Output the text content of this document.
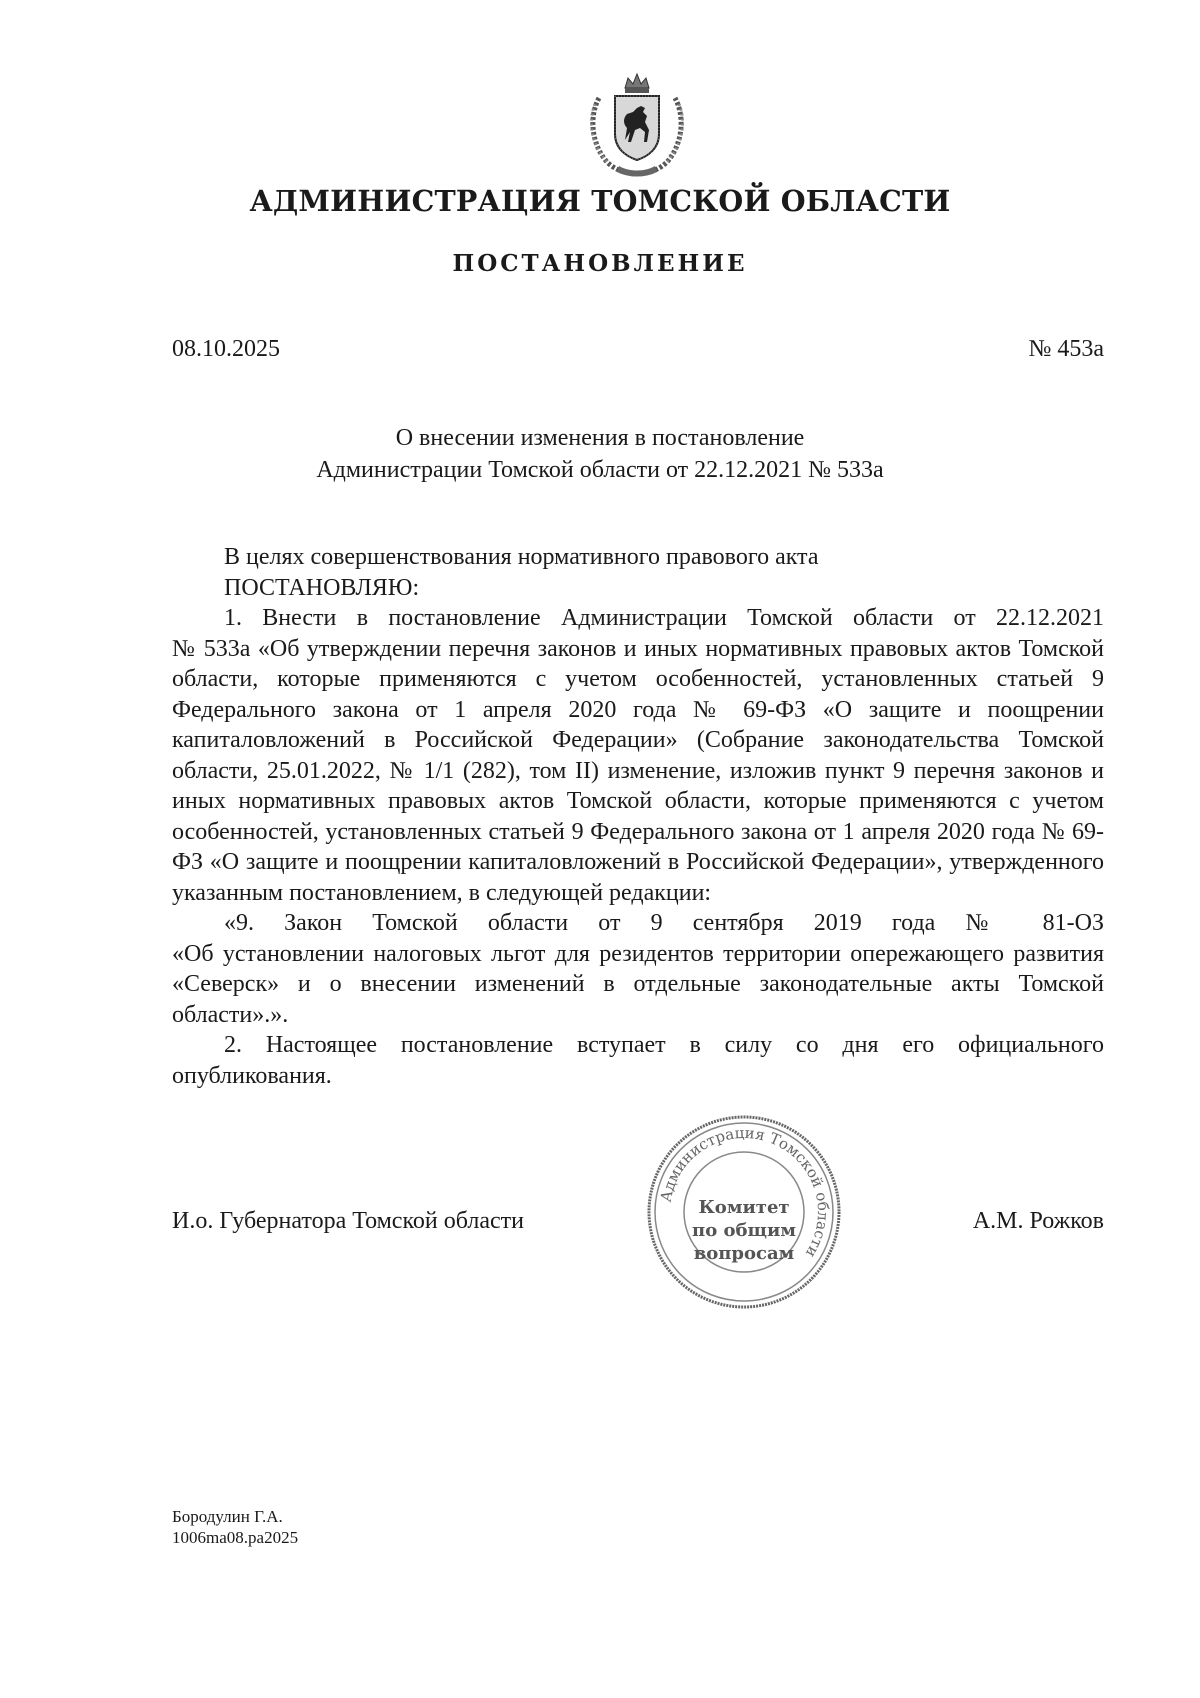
АДМИНИСТРАЦИЯ ТОМСКОЙ ОБЛАСТИ
ПОСТАНОВЛЕНИЕ
08.10.2025	№ 453а
О внесении изменения в постановление
Администрации Томской области от 22.12.2021 № 533а

В целях совершенствования нормативного правового акта

ПОСТАНОВЛЯЮ:

1. Внести в постановление Администрации Томской области от 22.12.2021

№ 533а «Об утверждении перечня законов и иных нормативных правовых актов Томской области, которые применяются с учетом особенностей, установленных статьей 9 Федерального закона от 1 апреля 2020 года № 69-ФЗ «О защите и поощрении капиталовложений в Российской Федерации» (Собрание законодательства Томской области, 25.01.2022, № 1/1 (282), том II) изменение, изложив пункт 9 перечня законов и иных нормативных правовых актов Томской области, которые применяются с учетом особенностей, установленных статьей 9 Федерального закона от 1 апреля 2020 года № 69-ФЗ «О защите и поощрении капиталовложений в Российской Федерации», утвержденного указанным постановлением, в следующей редакции:

«9. Закон Томской области от 9 сентября 2019 года № 81-ОЗ

«Об установлении налоговых льгот для резидентов территории опережающего развития «Северск» и о внесении изменений в отдельные законодательные акты Томской области».».

2. Настоящее постановление вступает в силу со дня его официального

опубликования.

И.о. Губернатора Томской области	А.М. Рожков
Администрация Томской области
Комитет
по общим
вопросам
Бородулин Г.А.
1006ma08.pa2025
